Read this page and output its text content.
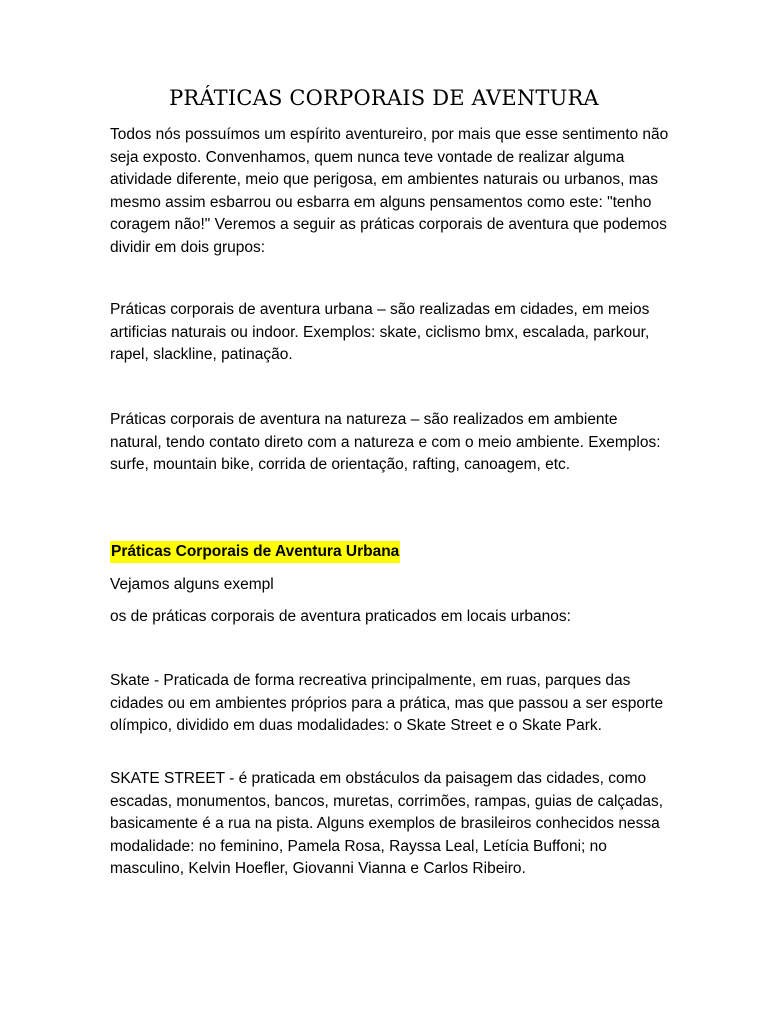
PRÁTICAS CORPORAIS DE AVENTURA

Todos nós possuímos um espírito aventureiro, por mais que esse sentimento não seja exposto. Convenhamos, quem nunca teve vontade de realizar alguma atividade diferente, meio que perigosa, em ambientes naturais ou urbanos, mas mesmo assim esbarrou ou esbarra em alguns pensamentos como este: "tenho coragem não!" Veremos a seguir as práticas corporais de aventura que podemos dividir em dois grupos:

Práticas corporais de aventura urbana – são realizadas em cidades, em meios artificias naturais ou indoor. Exemplos: skate, ciclismo bmx, escalada, parkour, rapel, slackline, patinação.

Práticas corporais de aventura na natureza – são realizados em ambiente natural, tendo contato direto com a natureza e com o meio ambiente. Exemplos: surfe, mountain bike, corrida de orientação, rafting, canoagem, etc.

Práticas Corporais de Aventura Urbana

Vejamos alguns exempl

os de práticas corporais de aventura praticados em locais urbanos:

Skate - Praticada de forma recreativa principalmente, em ruas, parques das cidades ou em ambientes próprios para a prática, mas que passou a ser esporte olímpico, dividido em duas modalidades: o Skate Street e o Skate Park.

SKATE STREET - é praticada em obstáculos da paisagem das cidades, como escadas, monumentos, bancos, muretas, corrimões, rampas, guias de calçadas, basicamente é a rua na pista. Alguns exemplos de brasileiros conhecidos nessa modalidade: no feminino, Pamela Rosa, Rayssa Leal, Letícia Buffoni; no masculino, Kelvin Hoefler, Giovanni Vianna e Carlos Ribeiro.
